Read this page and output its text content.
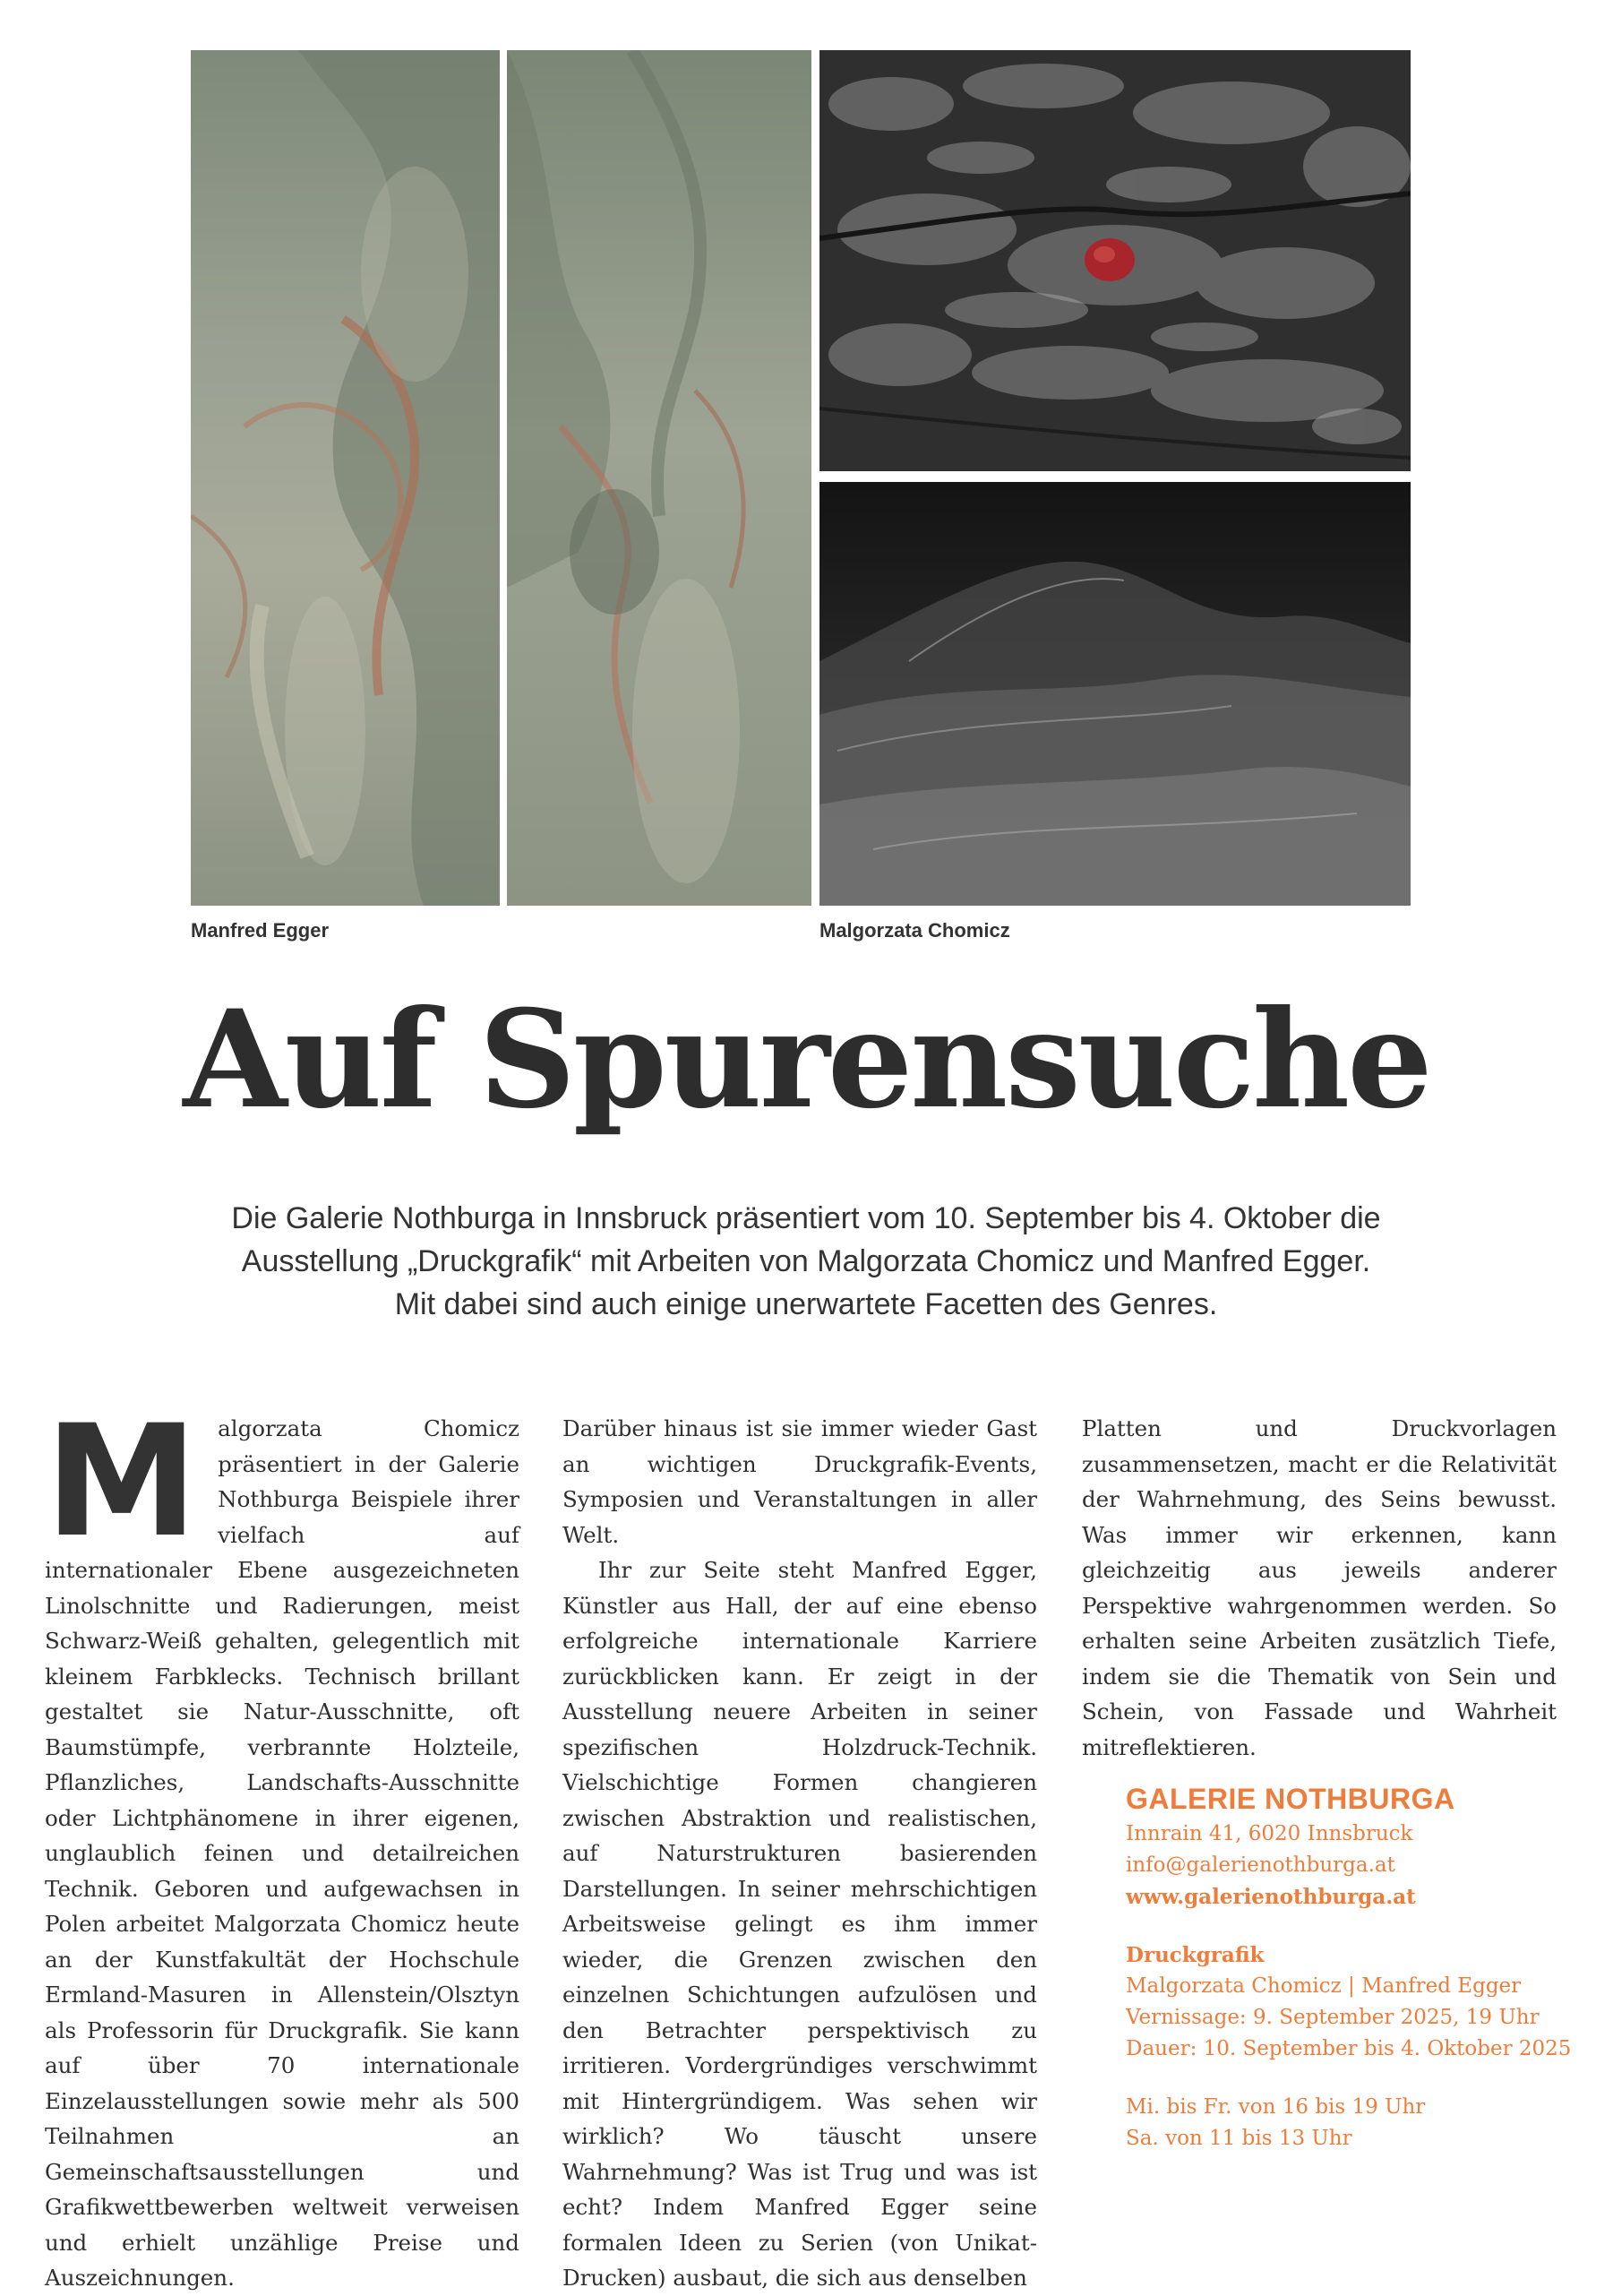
Manfred Egger	Malgorzata Chomicz
Auf Spurensuche
Die Galerie Nothburga in Innsbruck präsentiert vom 10. September bis 4. Oktober die
Ausstellung „Druckgrafik“ mit Arbeiten von Malgorzata Chomicz und Manfred Egger.
Mit dabei sind auch einige unerwartete Facetten des Genres.
M algorzata Chomicz präsentiert in der Galerie Nothburga Beispiele ihrer vielfach auf internationaler Ebene ausgezeichneten Linolschnitte und Radierungen, meist Schwarz-Weiß gehalten, gelegentlich mit kleinem Farbklecks. Technisch brillant gestaltet sie Natur-Ausschnitte, oft Baumstümpfe, verbrannte Holzteile, Pflanzliches, Landschafts-Ausschnitte oder Lichtphänomene in ihrer eigenen, unglaublich feinen und detailreichen Technik. Geboren und aufgewachsen in Polen arbeitet Malgorzata Chomicz heute an der Kunstfakultät der Hochschule Ermland-Masuren in Allenstein/Olsztyn als Professorin für Druckgrafik. Sie kann auf über 70 internationale Einzelausstellungen sowie mehr als 500 Teilnahmen an Gemeinschaftsausstellungen und Grafikwettbewerben weltweit verweisen und erhielt unzählige Preise und Auszeichnungen.

Darüber hinaus ist sie immer wieder Gast an wichtigen Druckgrafik-Events, Symposien und Veranstaltungen in aller Welt.

Ihr zur Seite steht Manfred Egger, Künstler aus Hall, der auf eine ebenso erfolgreiche internationale Karriere zurückblicken kann. Er zeigt in der Ausstellung neuere Arbeiten in seiner spezifischen Holzdruck-Technik. Vielschichtige Formen changieren zwischen Abstraktion und realistischen, auf Naturstrukturen basierenden Darstellungen. In seiner mehrschichtigen Arbeitsweise gelingt es ihm immer wieder, die Grenzen zwischen den einzelnen Schichtungen aufzulösen und den Betrachter perspektivisch zu irritieren. Vordergründiges verschwimmt mit Hintergründigem. Was sehen wir wirklich? Wo täuscht unsere Wahrnehmung? Was ist Trug und was ist echt? Indem Manfred Egger seine formalen Ideen zu Serien (von Unikat-Drucken) ausbaut, die sich aus denselben

Platten und Druckvorlagen zusammensetzen, macht er die Relativität der Wahrnehmung, des Seins bewusst. Was immer wir erkennen, kann gleichzeitig aus jeweils anderer Perspektive wahrgenommen werden. So erhalten seine Arbeiten zusätzlich Tiefe, indem sie die Thematik von Sein und Schein, von Fassade und Wahrheit mitreflektieren.

GALERIE NOTHBURGA
Innrain 41, 6020 Innsbruck
info@galerienothburga.at
www.galerienothburga.at
Druckgrafik
Malgorzata Chomicz | Manfred Egger
Vernissage: 9. September 2025, 19 Uhr
Dauer: 10. September bis 4. Oktober 2025
Mi. bis Fr. von 16 bis 19 Uhr
Sa. von 11 bis 13 Uhr
